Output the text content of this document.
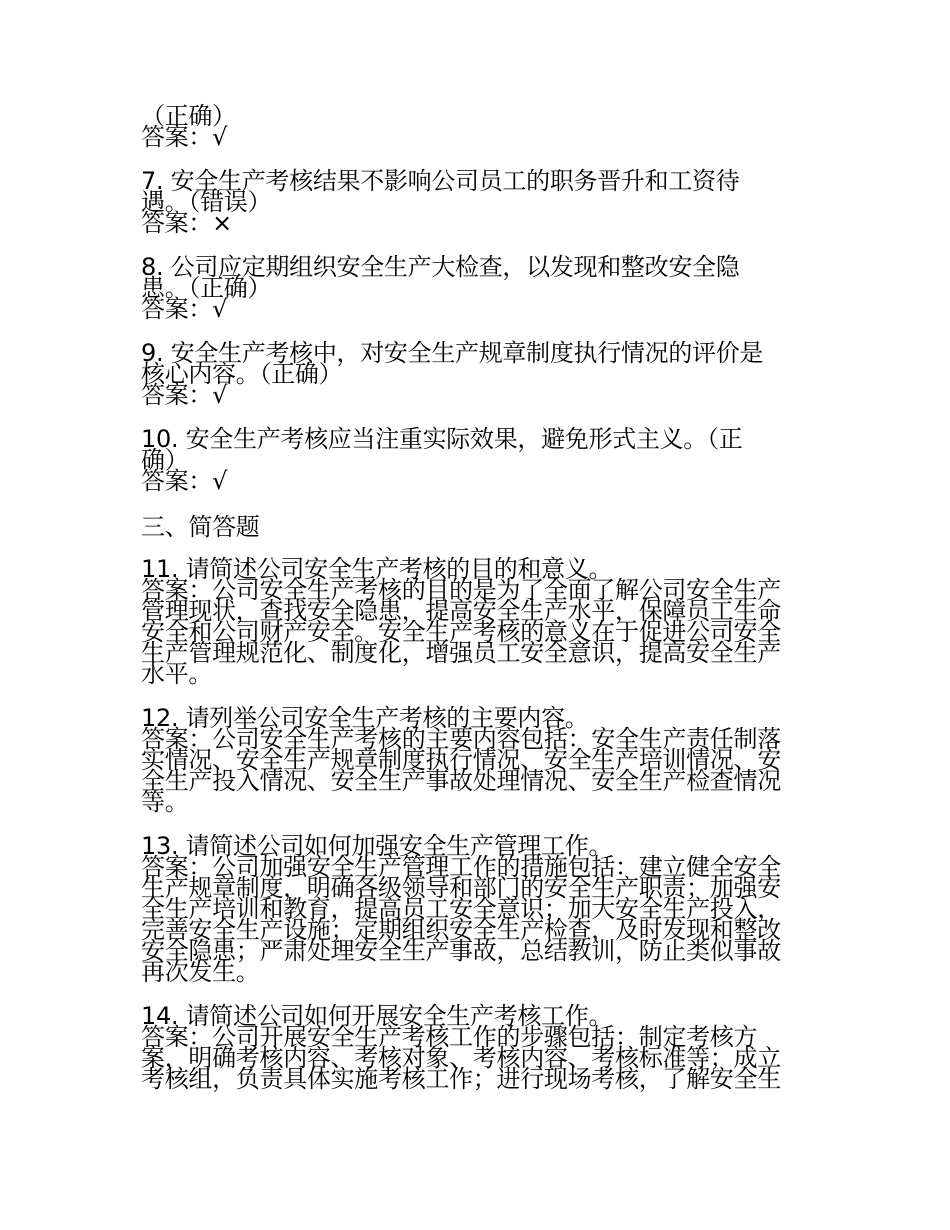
（正确）
答案：√
7. 安全生产考核结果不影响公司员工的职务晋升和工资待
遇。（错误）
答案：×
8. 公司应定期组织安全生产大检查，以发现和整改安全隐
患。（正确）
答案：√
9. 安全生产考核中，对安全生产规章制度执行情况的评价是
核心内容。（正确）
答案：√
10. 安全生产考核应当注重实际效果，避免形式主义。（正
确）
答案：√
三、简答题
11. 请简述公司安全生产考核的目的和意义。
答案：公司安全生产考核的目的是为了全面了解公司安全生产
管理现状，查找安全隐患，提高安全生产水平，保障员工生命
安全和公司财产安全。安全生产考核的意义在于促进公司安全
生产管理规范化、制度化，增强员工安全意识，提高安全生产
水平。
12. 请列举公司安全生产考核的主要内容。
答案：公司安全生产考核的主要内容包括：安全生产责任制落
实情况、安全生产规章制度执行情况、安全生产培训情况、安
全生产投入情况、安全生产事故处理情况、安全生产检查情况
等。
13. 请简述公司如何加强安全生产管理工作。
答案：公司加强安全生产管理工作的措施包括：建立健全安全
生产规章制度，明确各级领导和部门的安全生产职责；加强安
全生产培训和教育，提高员工安全意识；加大安全生产投入，
完善安全生产设施；定期组织安全生产检查，及时发现和整改
安全隐患；严肃处理安全生产事故，总结教训，防止类似事故
再次发生。
14. 请简述公司如何开展安全生产考核工作。
答案：公司开展安全生产考核工作的步骤包括：制定考核方
案，明确考核内容、考核对象、考核内容、考核标准等；成立
考核组，负责具体实施考核工作；进行现场考核，了解安全生
